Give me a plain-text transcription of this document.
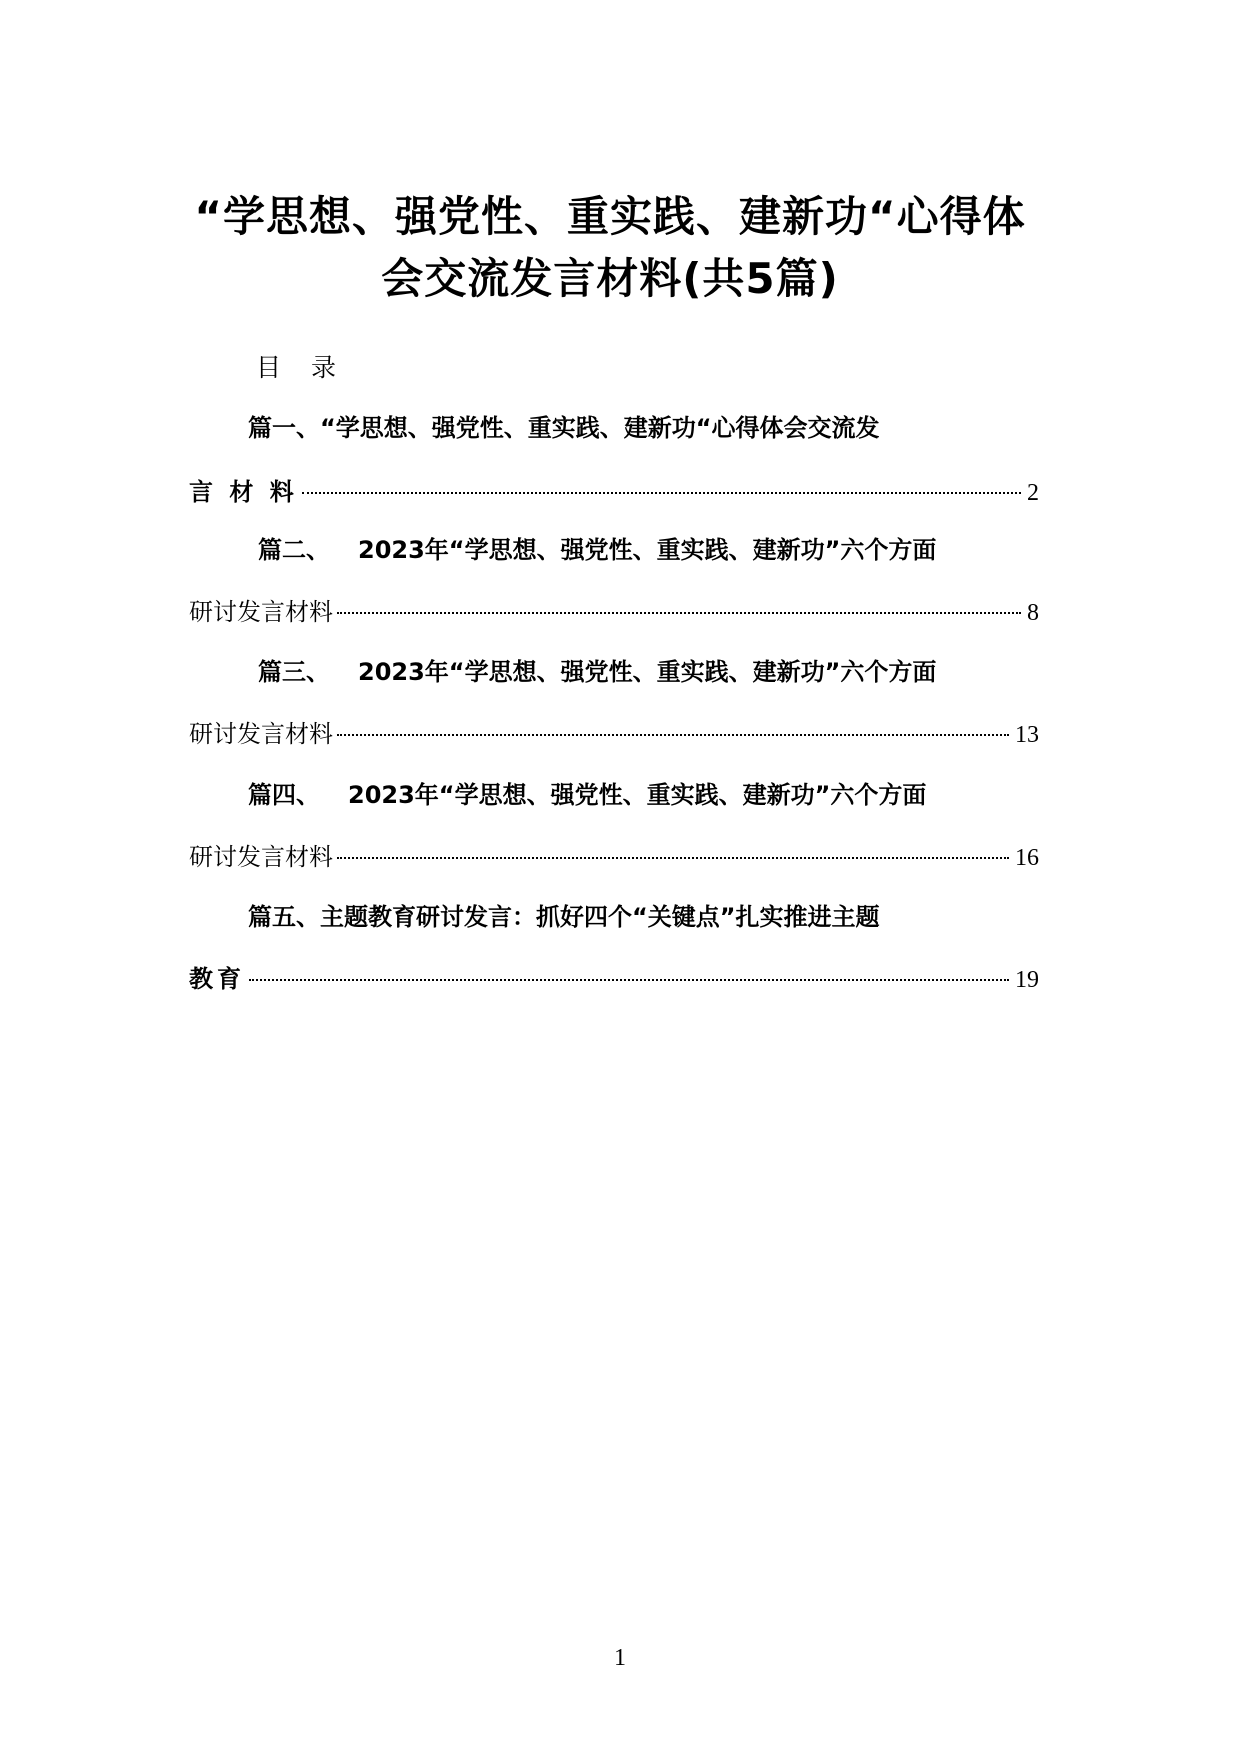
“学思想、强党性、重实践、建新功“心得体
会交流发言材料(共5篇)
目 录
篇一、“学思想、强党性、重实践、建新功“心得体会交流发
言 材 料	2
篇二、 2023年“学思想、强党性、重实践、建新功”六个方面
研讨发言材料	8
篇三、 2023年“学思想、强党性、重实践、建新功”六个方面
研讨发言材料	13
篇四、 2023年“学思想、强党性、重实践、建新功”六个方面
研讨发言材料	16
篇五、主题教育研讨发言：抓好四个“关键点”扎实推进主题
教育	19
1
